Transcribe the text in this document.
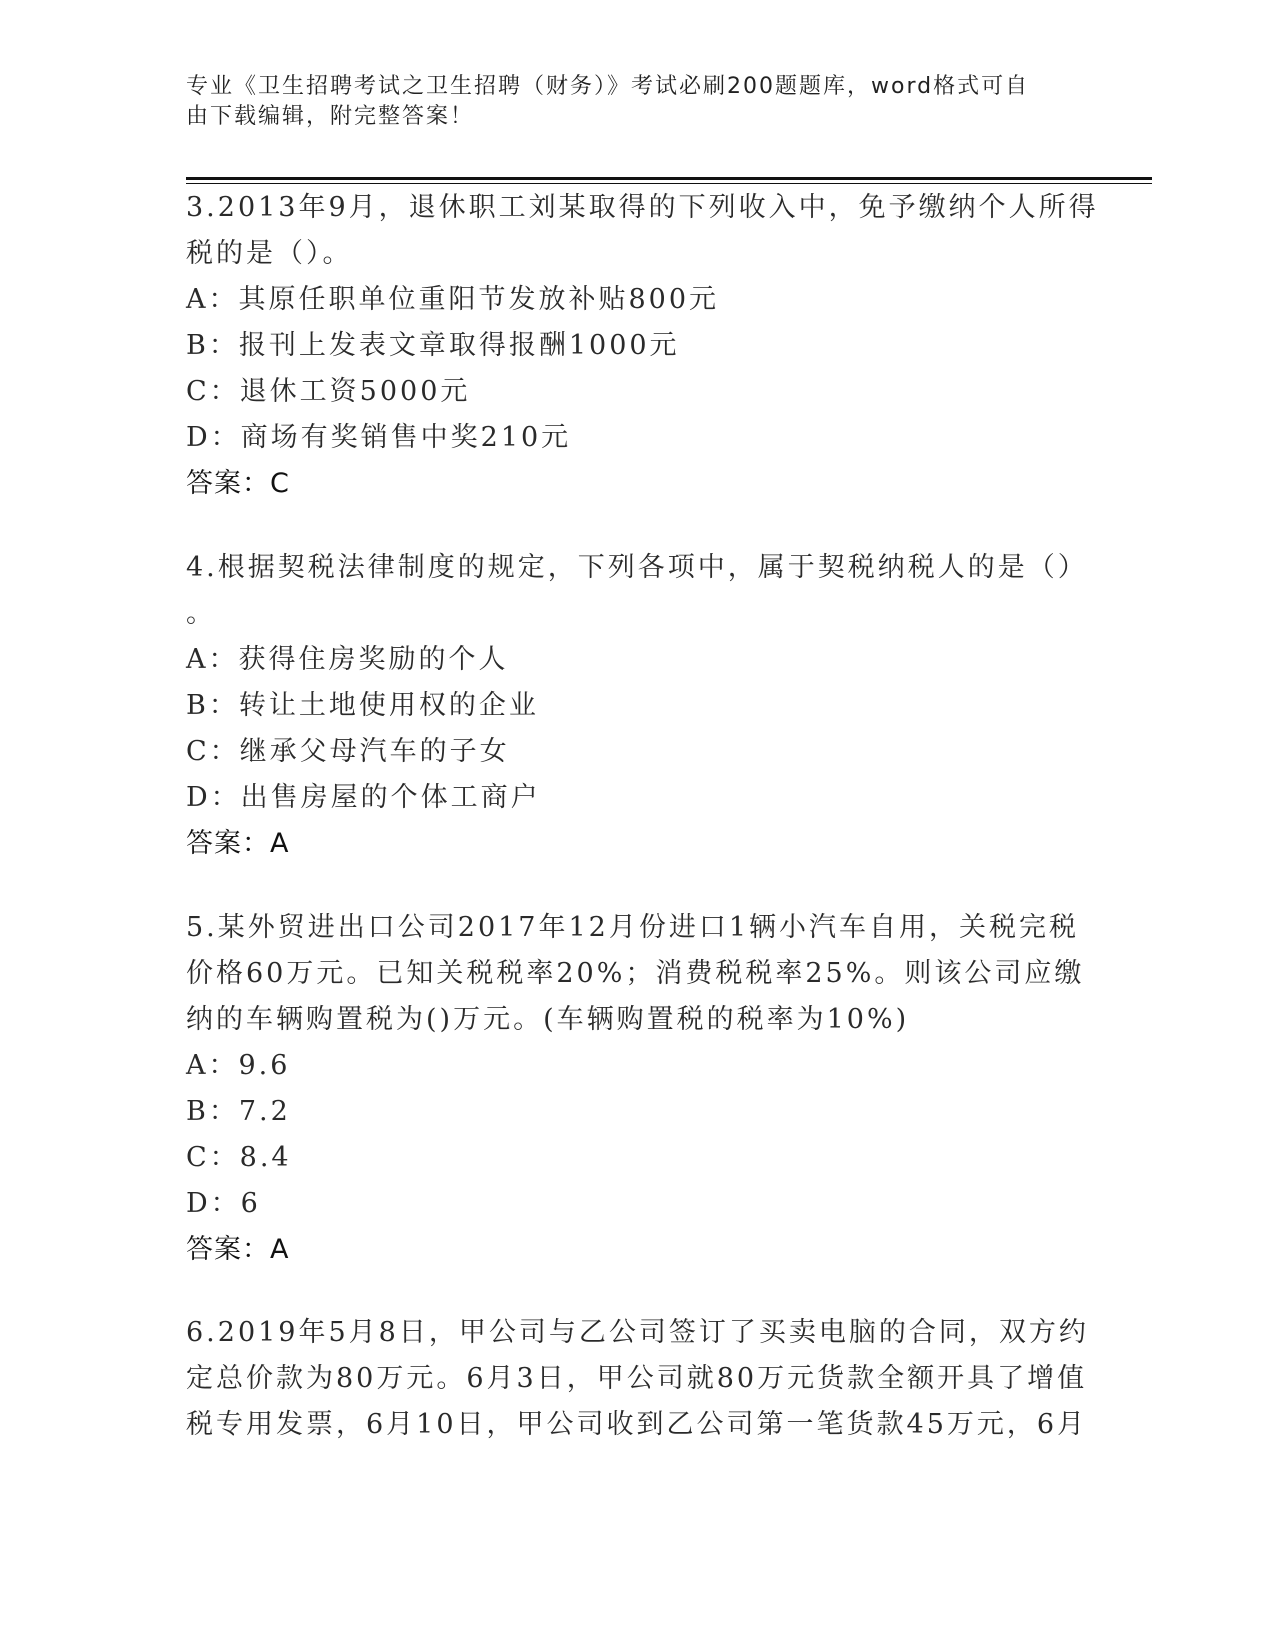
专业《卫生招聘考试之卫生招聘（财务）》考试必刷200题题库，word格式可自
由下载编辑，附完整答案！
3.2013年9月，退休职工刘某取得的下列收入中，免予缴纳个人所得
税的是（）。
A：其原任职单位重阳节发放补贴800元
B：报刊上发表文章取得报酬1000元
C：退休工资5000元
D：商场有奖销售中奖210元
答案：C
4.根据契税法律制度的规定，下列各项中，属于契税纳税人的是（）
。
A：获得住房奖励的个人
B：转让土地使用权的企业
C：继承父母汽车的子女
D：出售房屋的个体工商户
答案：A
5.某外贸进出口公司2017年12月份进口1辆小汽车自用，关税完税
价格60万元。已知关税税率20%；消费税税率25%。则该公司应缴
纳的车辆购置税为()万元。(车辆购置税的税率为10%)
A：9.6
B：7.2
C：8.4
D：6
答案：A
6.2019年5月8日，甲公司与乙公司签订了买卖电脑的合同，双方约
定总价款为80万元。6月3日，甲公司就80万元货款全额开具了增值
税专用发票，6月10日，甲公司收到乙公司第一笔货款45万元，6月
